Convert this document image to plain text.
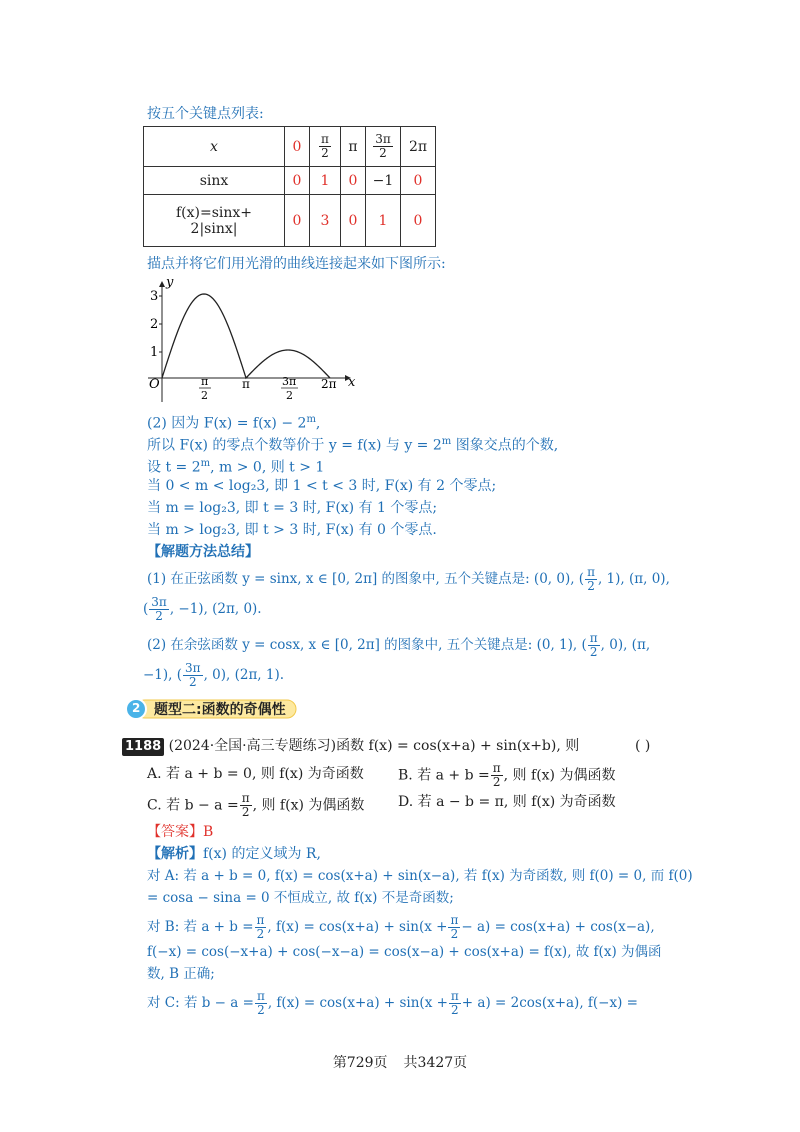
按五个关键点列表:
x	0	$\frac{\pi}{2}$	π	$\frac{3\pi}{2}$	2π
sinx	0	1	0	−1	0

f(x)=sinx+
2|sinx|	0	3	0	1	0
描点并将它们用光滑的曲线连接起来如下图所示:
1
2
3
y
x
O	π	2π
π
2
3π
2
(2) 因为 $F(x) = f(x) - 2^m$,
所以 F(x) 的零点个数等价于 y = f(x) 与 $y = 2^m$ 图象交点的个数,
设 $t = 2^m$, m > 0, 则 t > 1
当 0 < m < log₂3, 即 1 < t < 3 时, F(x) 有 2 个零点;
当 m = log₂3, 即 t = 3 时, F(x) 有 1 个零点;
当 m > log₂3, 即 t > 3 时, F(x) 有 0 个零点.
【解题方法总结】
(1) 在正弦函数 y = sinx, x ∈ [0, 2π] 的图象中, 五个关键点是: (0, 0), ( $\frac{\pi}{2}$ , 1), (π, 0),
( $\frac{3\pi}{2}$ , −1), (2π, 0).
(2) 在余弦函数 y = cosx, x ∈ [0, 2π] 的图象中, 五个关键点是: (0, 1), ( $\frac{\pi}{2}$ , 0), (π,
−1), ( $\frac{3\pi}{2}$ , 0), (2π, 1).
2 题型二:函数的奇偶性
1188 (2024·全国·高三专题练习)函数 f(x) = cos(x+a) + sin(x+b), 则	( )
A. 若 a + b = 0, 则 f(x) 为奇函数 B. 若 $a + b = \frac{\pi}{2}$ , 则 f(x) 为偶函数
C. 若 $b - a = \frac{\pi}{2}$ , 则 f(x) 为偶函数 D. 若 a − b = π, 则 f(x) 为奇函数
【答案】B
【解析】f(x) 的定义域为 R,
对 A: 若 a + b = 0, f(x) = cos(x+a) + sin(x−a), 若 f(x) 为奇函数, 则 f(0) = 0, 而 f(0)
= cosa − sina = 0 不恒成立, 故 f(x) 不是奇函数;
对 B: 若 $a + b = \frac{\pi}{2}$ , $f(x) = \cos(x+a) + \sin(x + \frac{\pi}{2} - a) = \cos(x+a) + \cos(x-a)$,
f(−x) = cos(−x+a) + cos(−x−a) = cos(x−a) + cos(x+a) = f(x), 故 f(x) 为偶函
数, B 正确;
对 C: 若 $b - a = \frac{\pi}{2}$ , $f(x) = \cos(x+a) + \sin(x + \frac{\pi}{2} + a) = 2\cos(x+a)$, f(−x) =
第729页 共3427页
